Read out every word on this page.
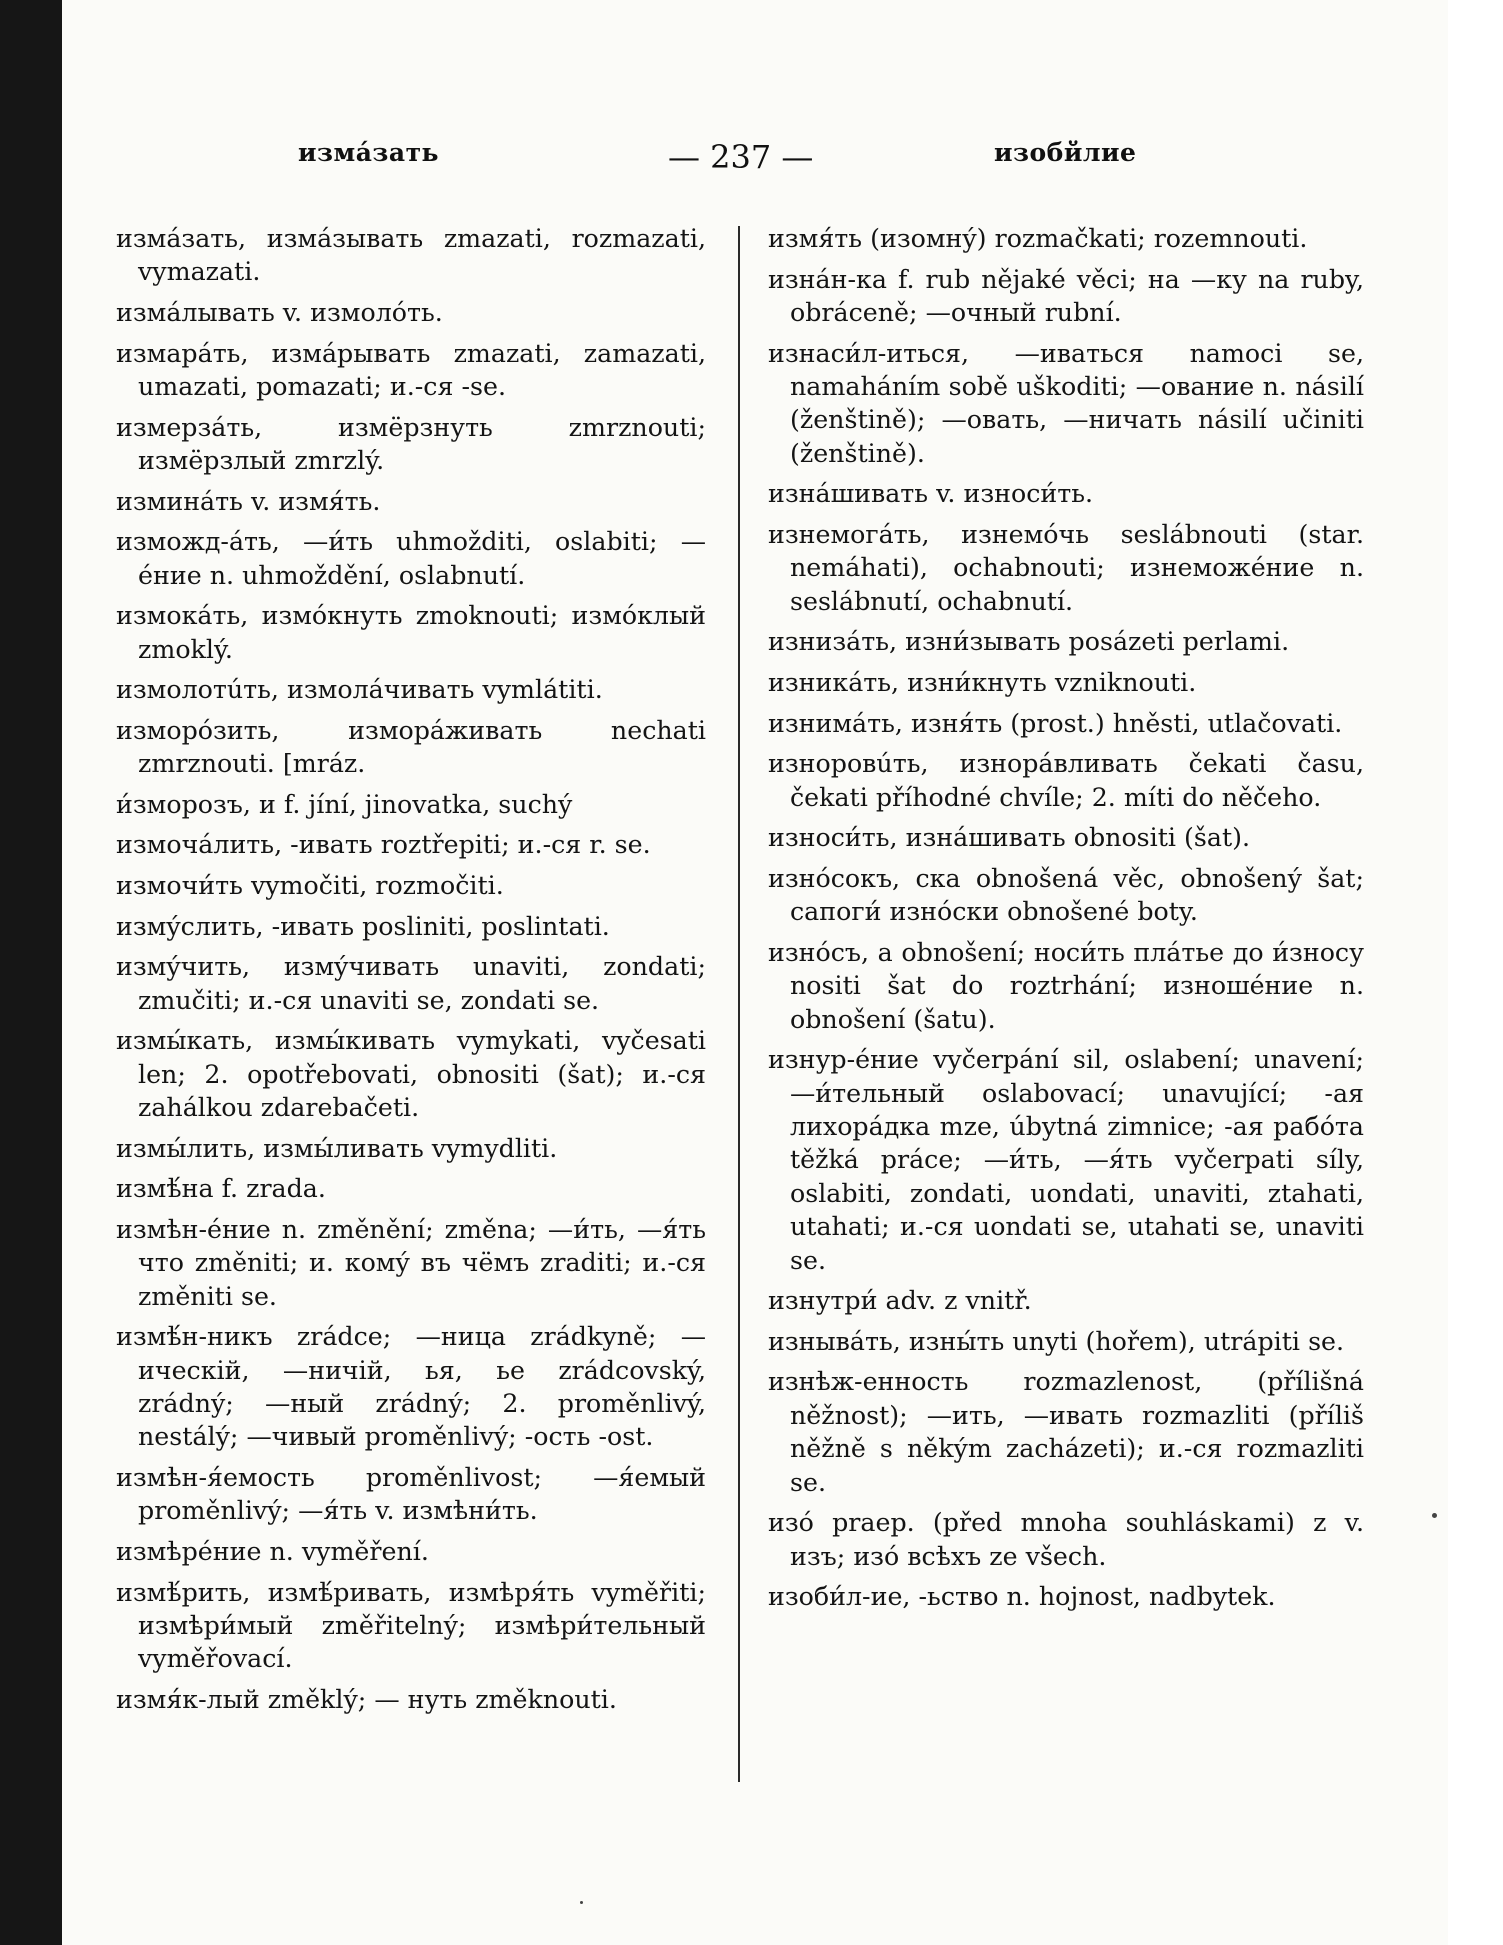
измáзать	— 237 —	изобйлие

измáзать, измáзывать zmazati, rozmazati, vymazati.

измáлывать v. измолóть.

измарáть, измáрывать zmazati, zamazati, umazati, pomazati; и.-ся -se.

измерзáть, измёрзнуть zmrznouti; измёрзлый zmrzlý.

изминáть v. измя́ть.

изможд-áть, —и́ть uhmožditi, oslabiti; —éние n. uhmoždění, oslabnutí.

измокáть, измóкнуть zmoknouti; измóклый zmoklý.

измолотúть, измолáчивать vymlátiti.

изморóзить, изморáживать nechati zmrznouti. [mráz.

и́зморозъ, и f. jíní, jinovatka, suchý

измочáлить, -ивать roztřepiti; и.-ся r. se.

измочи́ть vymočiti, rozmočiti.

измýслить, -ивать posliniti, poslintati.

измýчить, измýчивать unaviti, zondati; zmučiti; и.-ся unaviti se, zondati se.

измы́кать, измы́кивать vymykati, vyčesati len; 2. opotřebovati, obnositi (šat); и.-ся zahálkou zdarebačeti.

измы́лить, измы́ливать vymydliti.

измѣ́на f. zrada.

измѣн-éние n. změnění; změna; —и́ть, —я́ть что změniti; и. комý въ чёмъ zraditi; и.-ся změniti se.

измѣ́н-никъ zrádce; —ница zrádkyně; —ическій, —ничій, ья, ье zrádcovský, zrádný; —ный zrádný; 2. proměnlivý, nestálý; —чивый proměnlivý; -ость -ost.

измѣн-я́емость proměnlivost; —я́емый proměnlivý; —я́ть v. измѣни́ть.

измѣрéние n. vyměření.

измѣ́рить, измѣ́ривать, измѣря́ть vyměřiti; измѣри́мый změřitelný; измѣри́тельный vyměřovací.

измя́к-лый změklý; — нуть změknouti.

измя́ть (изомнý) rozmačkati; rozemnouti.

изнáн-ка f. rub nějaké věci; на —ку na ruby, obráceně; —очный rubní.

изнаси́л-иться, —иваться namoci se, namaháním sobě uškoditi; —ование n. násilí (ženštině); —овать, —ничать násilí učiniti (ženštině).

изнáшивать v. износи́ть.

изнемогáть, изнемóчь seslábnouti (star. nemáhati), ochabnouti; изнеможéние n. seslábnutí, ochabnutí.

изнизáть, изни́зывать posázeti perlami.

изникáть, изни́кнуть vzniknouti.

изнимáть, изня́ть (prost.) hněsti, utlačovati.

изноровúть, изнорáвливать čekati času, čekati příhodné chvíle; 2. míti do něčeho.

износи́ть, изнáшивать obnositi (šat).

изнóсокъ, ска obnošená věc, obnošený šat; сапоги́ изнóски obnošené boty.

изнóсъ, а obnošení; носи́ть плáтье до и́зносу nositi šat do roztrhání; изношéние n. obnošení (šatu).

изнур-éние vyčerpání sil, oslabení; unavení; —и́тельный oslabovací; unavující; -ая лихорáдка mze, úbytná zimnice; -ая рабóта těžká práce; —и́ть, —я́ть vyčerpati síly, oslabiti, zondati, uondati, unaviti, ztahati, utahati; и.-ся uondati se, utahati se, unaviti se.

изнутри́ adv. z vnitř.

изнывáть, изны́ть unyti (hořem), utrápiti se.

изнѣж-енность rozmazlenost, (přílišná něžnost); —ить, —ивать rozmazliti (příliš něžně s někým zacházeti); и.-ся rozmazliti se.

изó praep. (před mnoha souhláskami) z v. изъ; изó всѣхъ ze všech.

изоби́л-ие, -ьство n. hojnost, nadbytek.
